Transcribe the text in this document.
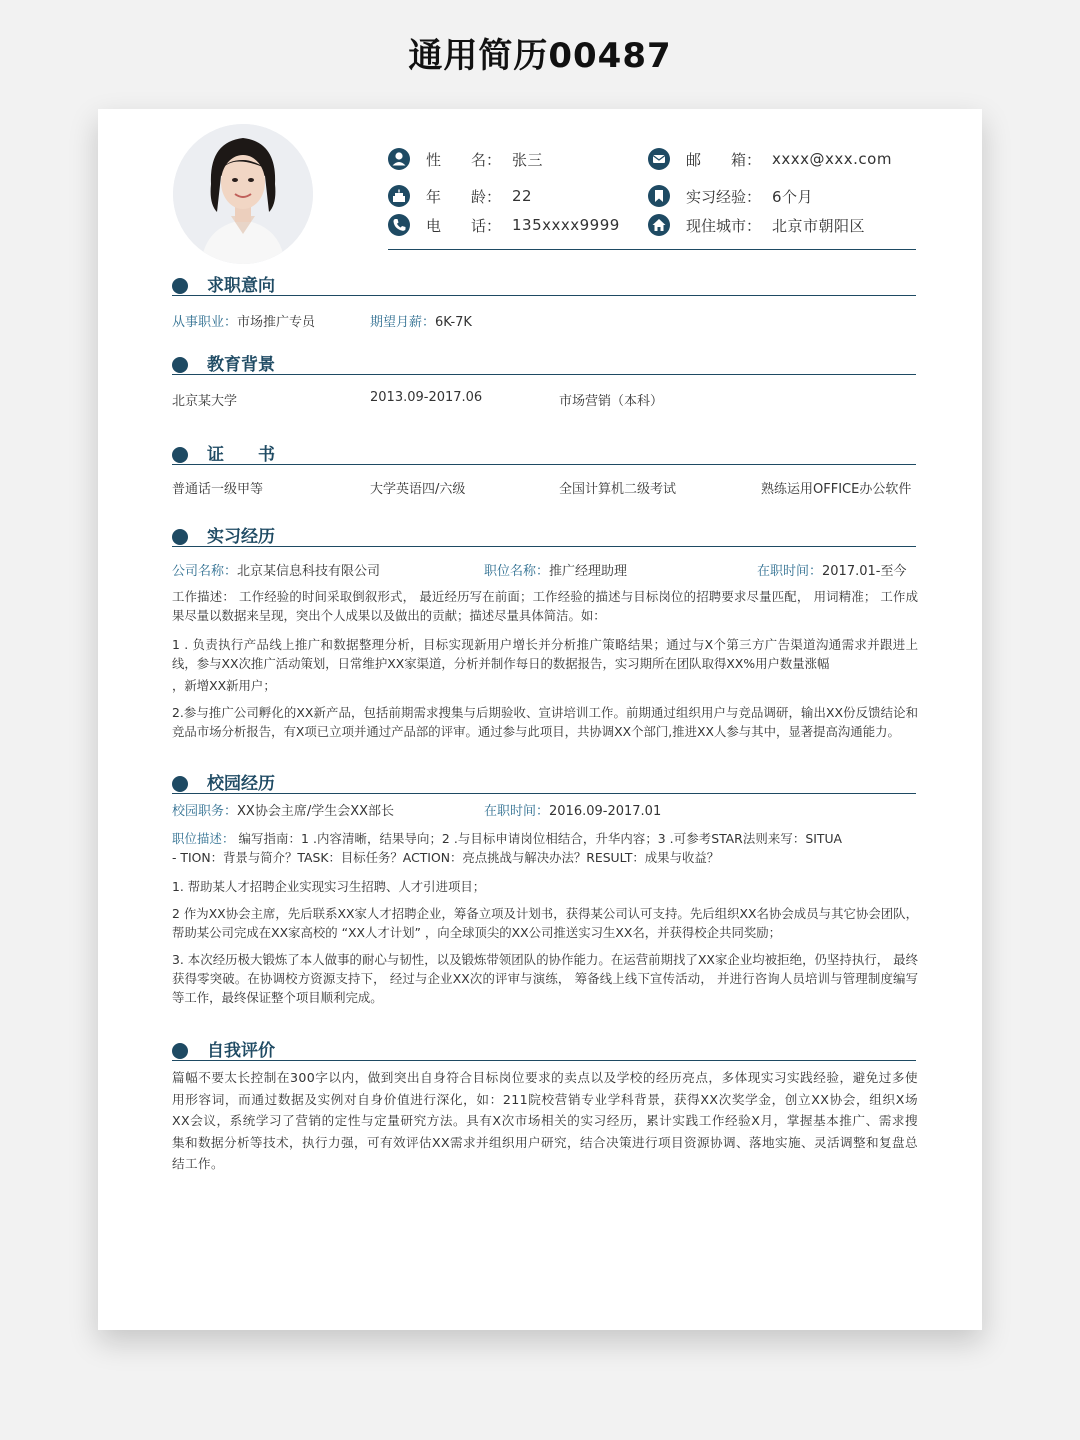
通用简历00487
性　　名： 张三	邮　　箱： xxxx@xxx.com
年　　龄： 22	实习经验： 6个月
电　　话： 135xxxx9999	现住城市： 北京市朝阳区
求职意向
从事职业：市场推广专员	期望月薪：6K-7K
教育背景
北京某大学	2013.09-2017.06	市场营销（本科）
证　　书
普通话一级甲等	大学英语四/六级	全国计算机二级考试	熟练运用OFFICE办公软件
实习经历
公司名称：北京某信息科技有限公司	职位名称：推广经理助理	在职时间：2017.01-至今
工作描述： 工作经验的时间采取倒叙形式， 最近经历写在前面；工作经验的描述与目标岗位的招聘要求尽量匹配， 用词精准； 工作成果尽量以数据来呈现，突出个人成果以及做出的贡献；描述尽量具体简洁。如：
1 . 负责执行产品线上推广和数据整理分析，目标实现新用户增长并分析推广策略结果；通过与X个第三方广告渠道沟通需求并跟进上线，参与XX次推广活动策划，日常维护XX家渠道，分析并制作每日的数据报告，实习期所在团队取得XX%用户数量涨幅
，新增XX新用户；
2.参与推广公司孵化的XX新产品，包括前期需求搜集与后期验收、宣讲培训工作。前期通过组织用户与竞品调研，输出XX份反馈结论和竞品市场分析报告，有X项已立项并通过产品部的评审。通过参与此项目，共协调XX个部门,推进XX人参与其中，显著提高沟通能力。
校园经历
校园职务：XX协会主席/学生会XX部长	在职时间：2016.09-2017.01
职位描述： 编写指南：1 .内容清晰，结果导向；2 .与目标申请岗位相结合，升华内容；3 .可参考STAR法则来写：SITUA - TION：背景与简介？TASK：目标任务？ACTION：亮点挑战与解决办法？RESULT：成果与收益？
1. 帮助某人才招聘企业实现实习生招聘、人才引进项目；
2 作为XX协会主席，先后联系XX家人才招聘企业，筹备立项及计划书，获得某公司认可支持。先后组织XX名协会成员与其它协会团队，帮助某公司完成在XX家高校的 “XX人才计划” ，向全球顶尖的XX公司推送实习生XX名，并获得校企共同奖励；
3. 本次经历极大锻炼了本人做事的耐心与韧性，以及锻炼带领团队的协作能力。在运营前期找了XX家企业均被拒绝，仍坚持执行， 最终获得零突破。在协调校方资源支持下， 经过与企业XX次的评审与演练， 筹备线上线下宣传活动， 并进行咨询人员培训与管理制度编写等工作，最终保证整个项目顺利完成。
自我评价
篇幅不要太长控制在300字以内，做到突出自身符合目标岗位要求的卖点以及学校的经历亮点，多体现实习实践经验，避免过多使用形容词，而通过数据及实例对自身价值进行深化，如：211院校营销专业学科背景，获得XX次奖学金，创立XX协会，组织X场XX会议，系统学习了营销的定性与定量研究方法。具有X次市场相关的实习经历，累计实践工作经验X月，掌握基本推广、需求搜集和数据分析等技术，执行力强，可有效评估XX需求并组织用户研究，结合决策进行项目资源协调、落地实施、灵活调整和复盘总结工作。
